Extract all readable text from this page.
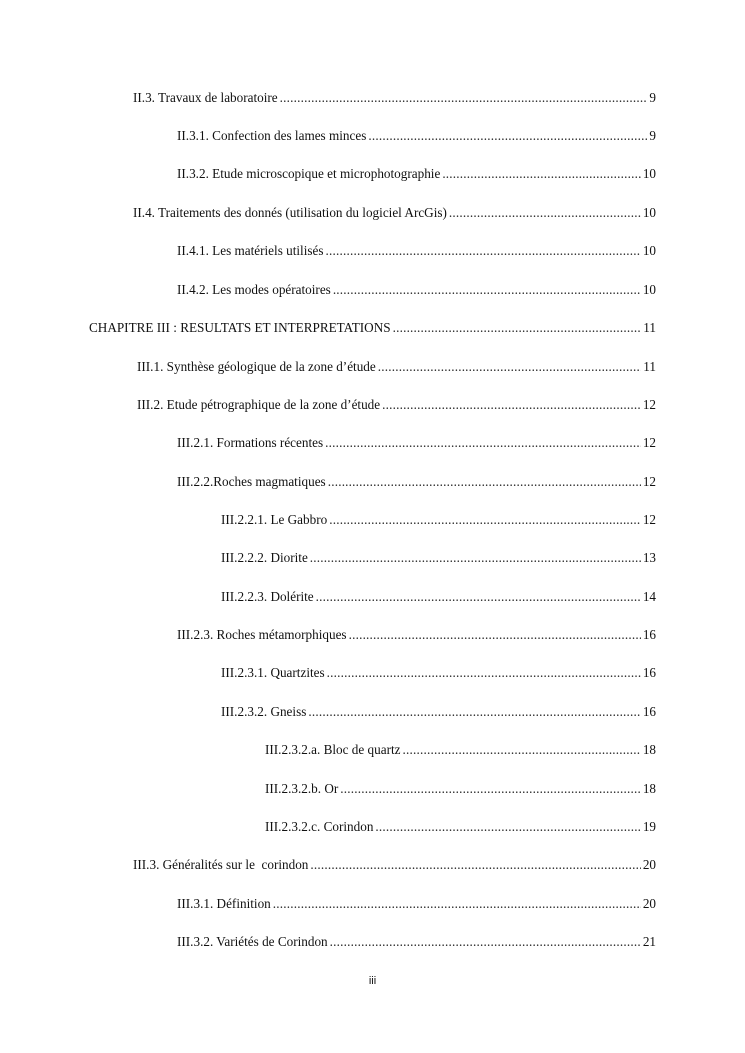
II.3. Travaux de laboratoire .....	9
II.3.1. Confection des lames minces .....	9
II.3.2. Etude microscopique et microphotographie .....	10
II.4. Traitements des donnés (utilisation du logiciel ArcGis) .....	10
II.4.1. Les matériels utilisés .....	10
II.4.2. Les modes opératoires .....	10
CHAPITRE III : RESULTATS ET INTERPRETATIONS .....	11
III.1. Synthèse géologique de la zone d’étude .....	11
III.2. Etude pétrographique de la zone d’étude .....	12
III.2.1. Formations récentes .....	12
III.2.2.Roches magmatiques .....	12
III.2.2.1. Le Gabbro .....	12
III.2.2.2. Diorite .....	13
III.2.2.3. Dolérite .....	14
III.2.3. Roches métamorphiques .....	16
III.2.3.1. Quartzites .....	16
III.2.3.2. Gneiss .....	16
III.2.3.2.a. Bloc de quartz .....	18
III.2.3.2.b. Or .....	18
III.2.3.2.c. Corindon .....	19
III.3. Généralités sur le  corindon .....	20
III.3.1. Définition .....	20
III.3.2. Variétés de Corindon .....	21
iii
